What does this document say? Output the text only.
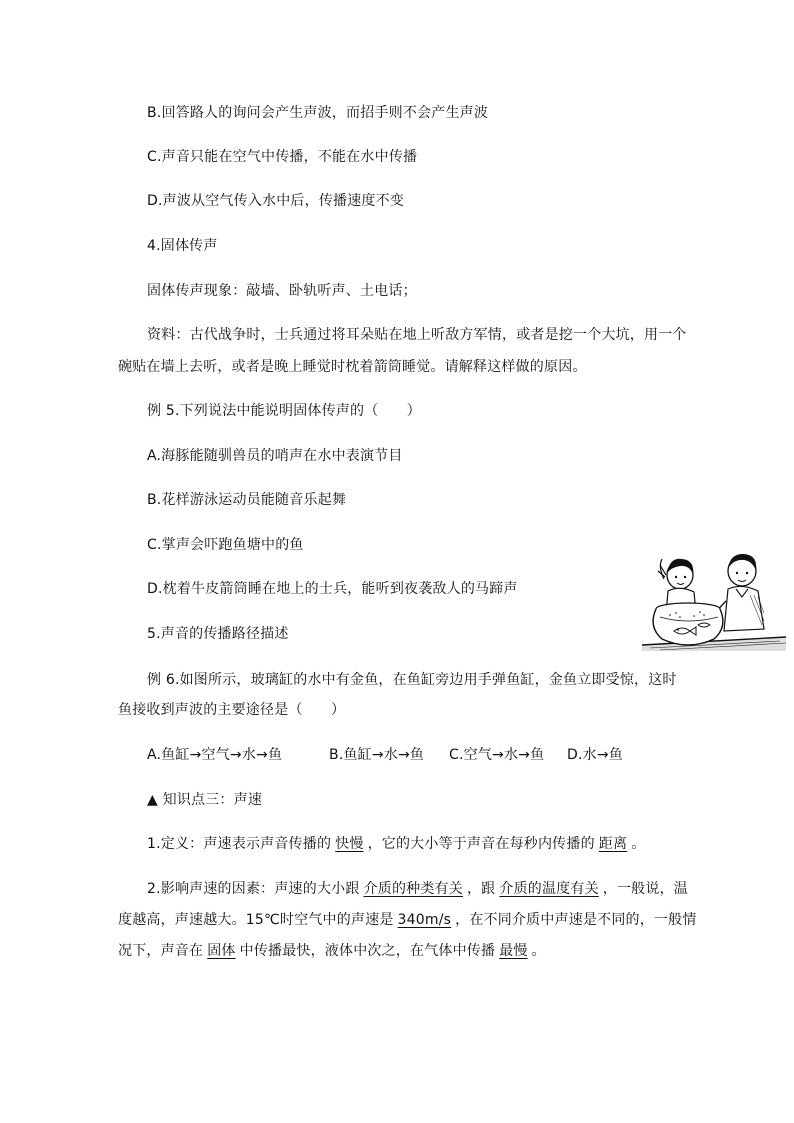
B.回答路人的询问会产生声波，而招手则不会产生声波
C.声音只能在空气中传播，不能在水中传播
D.声波从空气传入水中后，传播速度不变
4.固体传声
固体传声现象：敲墙、卧轨听声、土电话；
资料：古代战争时，士兵通过将耳朵贴在地上听敌方军情，或者是挖一个大坑，用一个
碗贴在墙上去听，或者是晚上睡觉时枕着箭筒睡觉。请解释这样做的原因。
例 5.下列说法中能说明固体传声的（　　）
A.海豚能随驯兽员的哨声在水中表演节目
B.花样游泳运动员能随音乐起舞
C.掌声会吓跑鱼塘中的鱼
D.枕着牛皮箭筒睡在地上的士兵，能听到夜袭敌人的马蹄声
5.声音的传播路径描述
例 6.如图所示，玻璃缸的水中有金鱼，在鱼缸旁边用手弹鱼缸，金鱼立即受惊，这时
鱼接收到声波的主要途径是（　　）
A.鱼缸→空气→水→鱼	B.鱼缸→水→鱼 C.空气→水→鱼 D.水→鱼
▲ 知识点三：声速
1.定义：声速表示声音传播的 快慢 ，它的大小等于声音在每秒内传播的 距离 。
2.影响声速的因素：声速的大小跟 介质的种类有关 ，跟 介质的温度有关 ，一般说，温
度越高，声速越大。15℃时空气中的声速是 340m/s ，在不同介质中声速是不同的，一般情
况下，声音在 固体 中传播最快，液体中次之，在气体中传播 最慢 。
